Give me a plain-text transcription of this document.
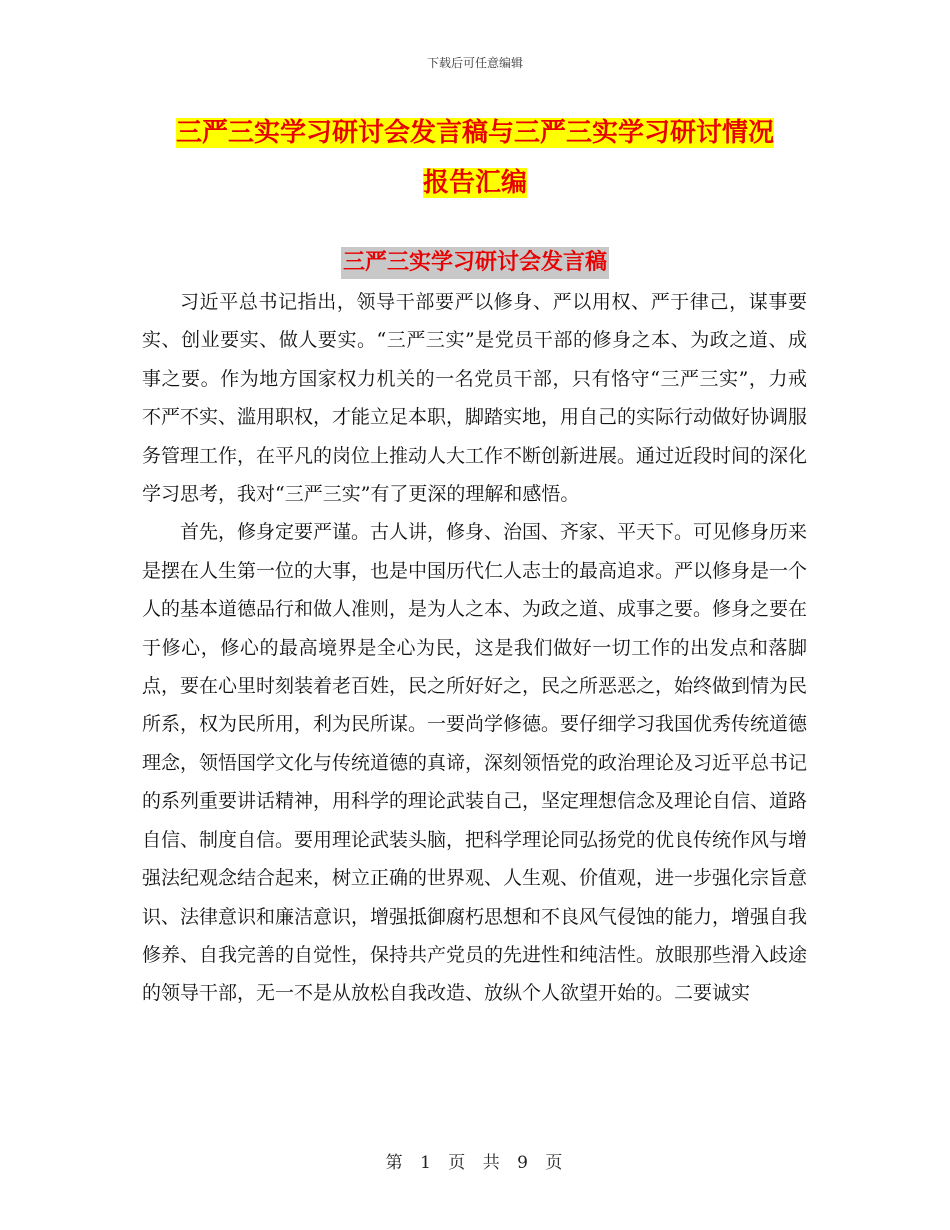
下载后可任意编辑
三严三实学习研讨会发言稿与三严三实学习研讨情况
报告汇编
三严三实学习研讨会发言稿

习近平总书记指出，领导干部要严以修身、严以用权、严于律己，谋事要实、创业要实、做人要实。“三严三实”是党员干部的修身之本、为政之道、成事之要。作为地方国家权力机关的一名党员干部，只有恪守“三严三实”，力戒不严不实、滥用职权，才能立足本职，脚踏实地，用自己的实际行动做好协调服务管理工作，在平凡的岗位上推动人大工作不断创新进展。通过近段时间的深化学习思考，我对“三严三实”有了更深的理解和感悟。

首先，修身定要严谨。古人讲，修身、治国、齐家、平天下。可见修身历来是摆在人生第一位的大事，也是中国历代仁人志士的最高追求。严以修身是一个人的基本道德品行和做人准则，是为人之本、为政之道、成事之要。修身之要在于修心，修心的最高境界是全心为民，这是我们做好一切工作的出发点和落脚点，要在心里时刻装着老百姓，民之所好好之，民之所恶恶之，始终做到情为民所系，权为民所用，利为民所谋。一要尚学修德。要仔细学习我国优秀传统道德理念，领悟国学文化与传统道德的真谛，深刻领悟党的政治理论及习近平总书记的系列重要讲话精神，用科学的理论武装自己，坚定理想信念及理论自信、道路自信、制度自信。要用理论武装头脑，把科学理论同弘扬党的优良传统作风与增强法纪观念结合起来，树立正确的世界观、人生观、价值观，进一步强化宗旨意识、法律意识和廉洁意识，增强抵御腐朽思想和不良风气侵蚀的能力，增强自我修养、自我完善的自觉性，保持共产党员的先进性和纯洁性。放眼那些滑入歧途的领导干部，无一不是从放松自我改造、放纵个人欲望开始的。二要诚实

第 1 页 共 9 页
